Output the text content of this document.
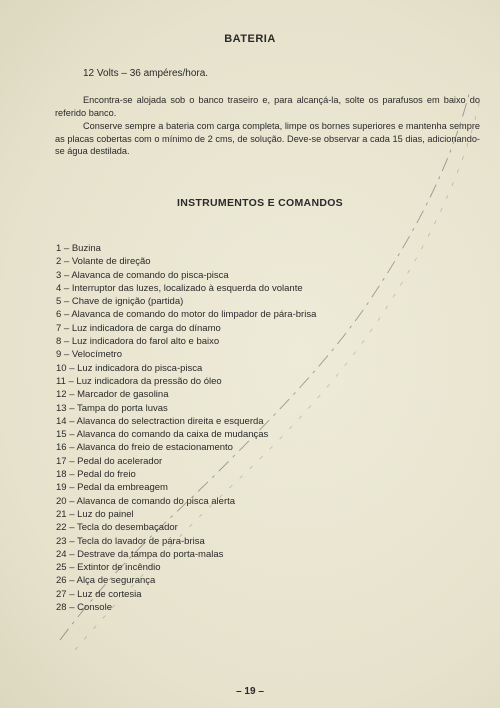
BATERIA
12 Volts – 36 ampéres/hora.

Encontra-se alojada sob o banco traseiro e, para alcançá-la, solte os parafusos em baixo do referido banco.

Conserve sempre a bateria com carga completa, limpe os bornes superiores e mantenha sempre as placas cobertas com o mínimo de 2 cms, de solução. Deve-se observar a cada 15 dias, adicionando-se água destilada.

INSTRUMENTOS E COMANDOS
1 – Buzina
2 – Volante de direção
3 – Alavanca de comando do pisca-pisca
4 – Interruptor das luzes, localizado à esquerda do volante
5 – Chave de ignição (partida)
6 – Alavanca de comando do motor do limpador de pára-brisa
7 – Luz indicadora de carga do dínamo
8 – Luz indicadora do farol alto e baixo
9 – Velocímetro
10 – Luz indicadora do pisca-pisca
11 – Luz indicadora da pressão do óleo
12 – Marcador de gasolina
13 – Tampa do porta luvas
14 – Alavanca do selectraction direita e esquerda
15 – Alavanca do comando da caixa de mudanças
16 – Alavanca do freio de estacionamento
17 – Pedal do acelerador
18 – Pedal do freio
19 – Pedal da embreagem
20 – Alavanca de comando do pisca alerta
21 – Luz do painel
22 – Tecla do desembaçador
23 – Tecla do lavador de pára-brisa
24 – Destrave da tampa do porta-malas
25 – Extintor de incêndio
26 – Alça de segurança
27 – Luz de cortesia
28 – Console
– 19 –
